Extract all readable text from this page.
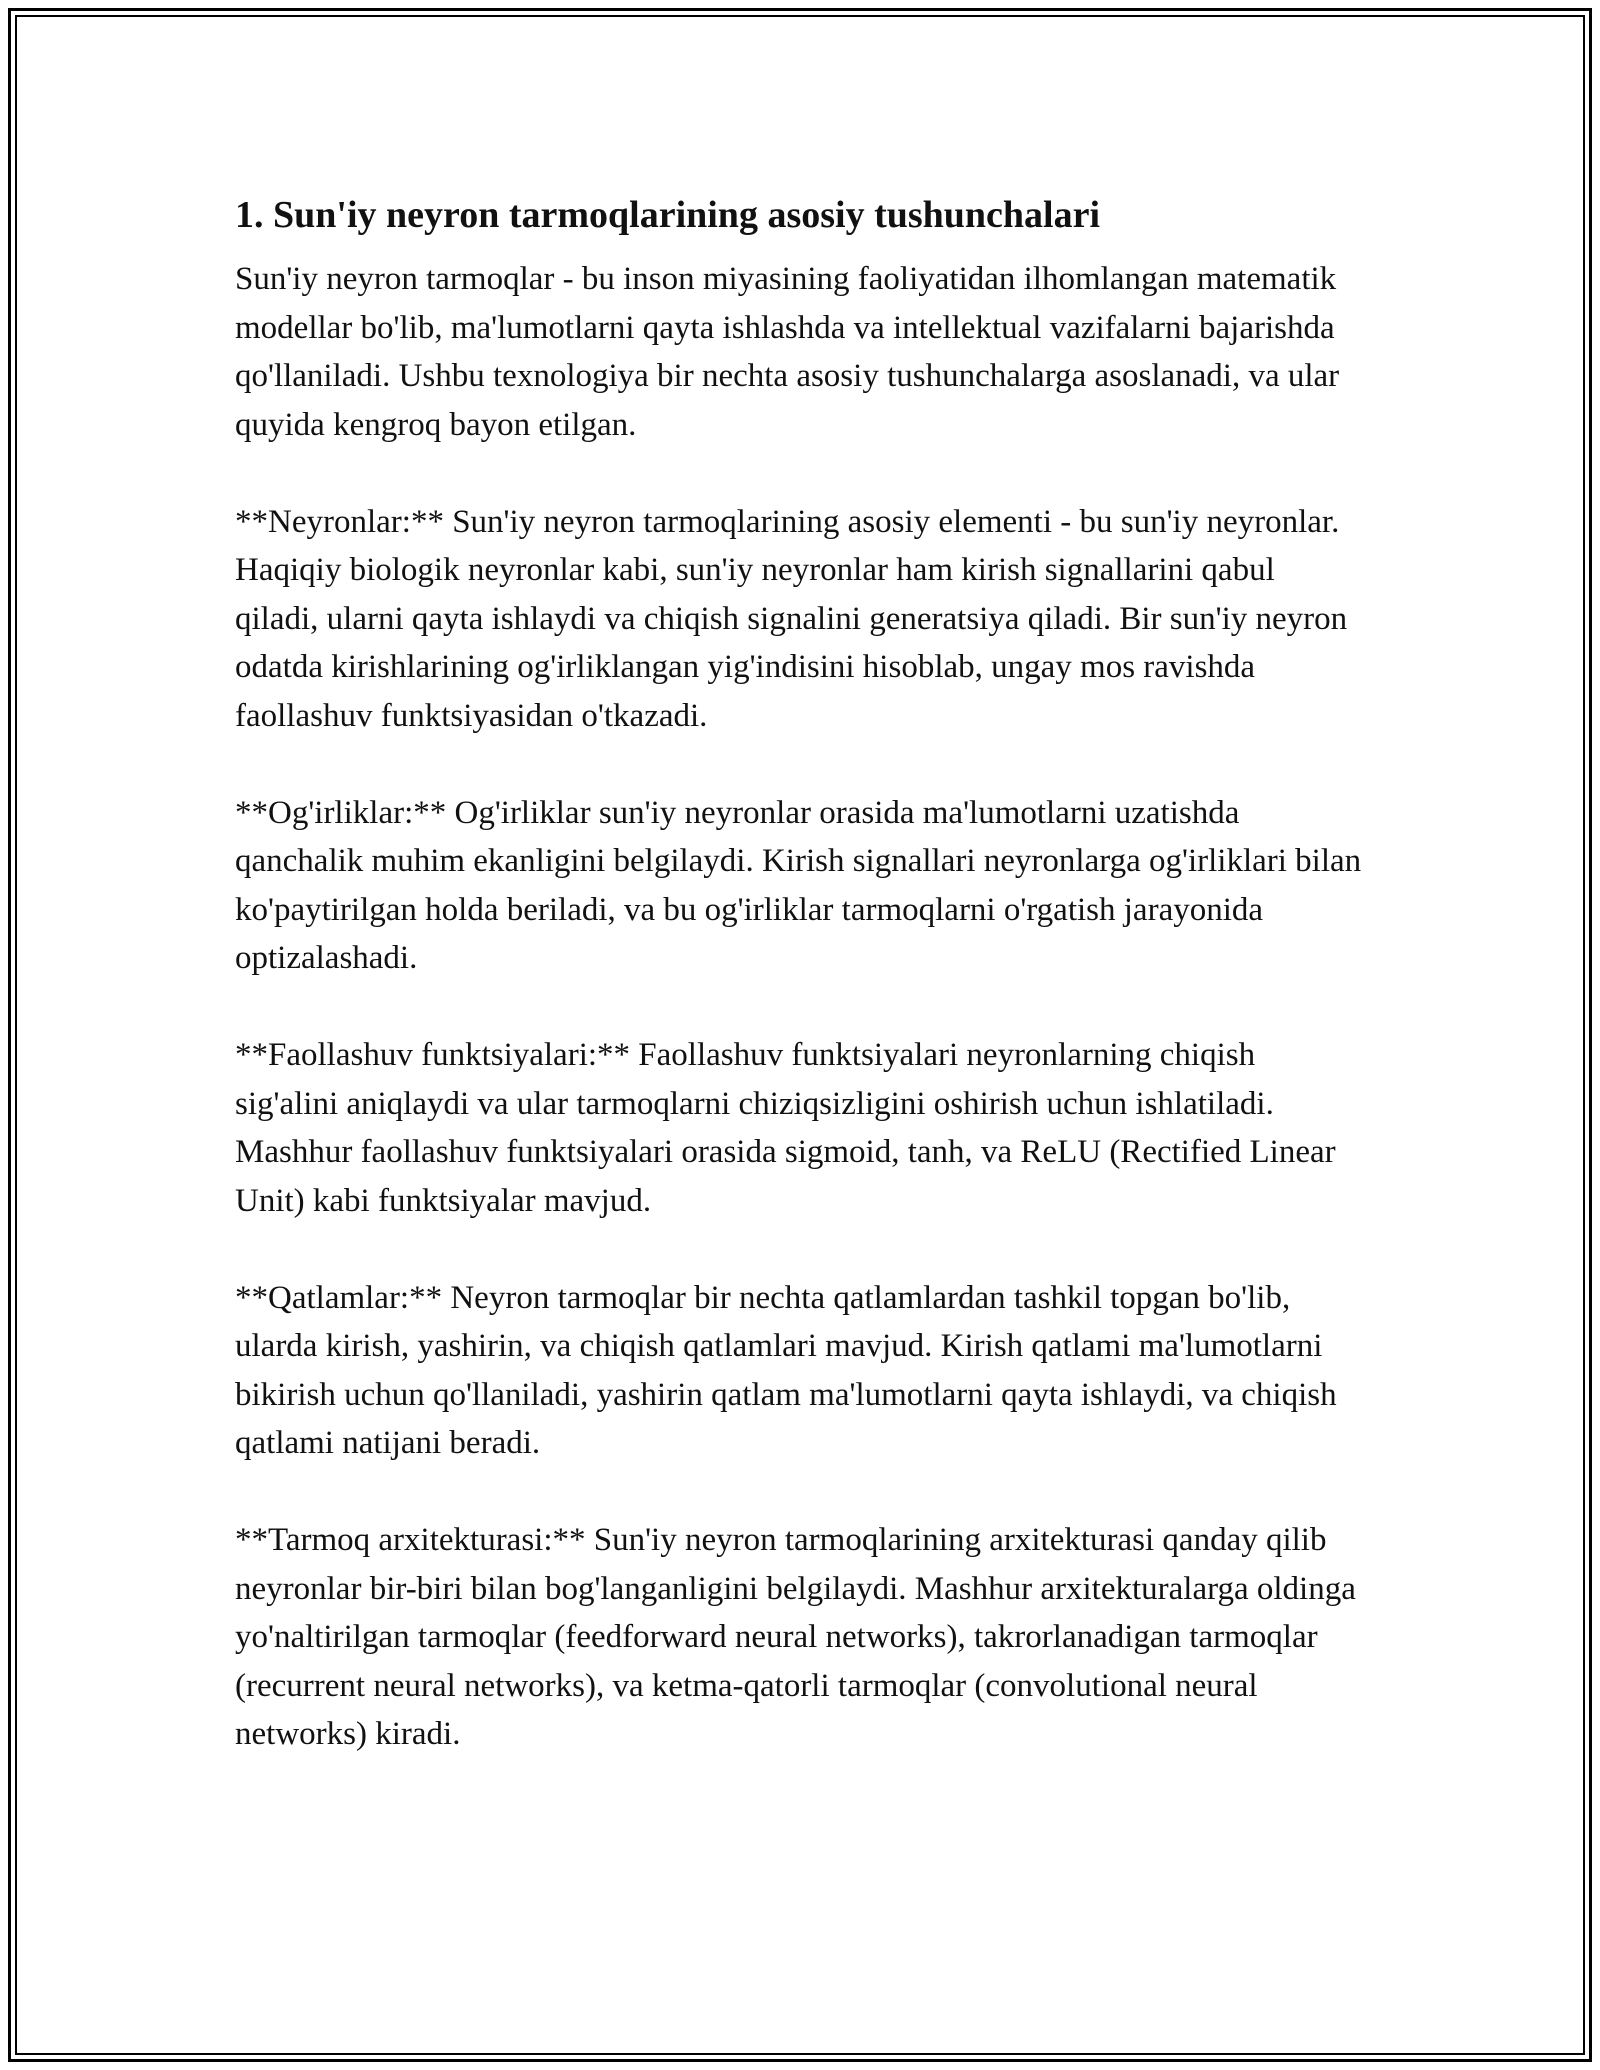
1. Sun'iy neyron tarmoqlarining asosiy tushunchalari

Sun'iy neyron tarmoqlar - bu inson miyasining faoliyatidan ilhomlangan matematik modellar bo'lib, ma'lumotlarni qayta ishlashda va intellektual vazifalarni bajarishda qo'llaniladi. Ushbu texnologiya bir nechta asosiy tushunchalarga asoslanadi, va ular quyida kengroq bayon etilgan.

**Neyronlar:** Sun'iy neyron tarmoqlarining asosiy elementi - bu sun'iy neyronlar. Haqiqiy biologik neyronlar kabi, sun'iy neyronlar ham kirish signallarini qabul qiladi, ularni qayta ishlaydi va chiqish signalini generatsiya qiladi. Bir sun'iy neyron odatda kirishlarining og'irliklangan yig'indisini hisoblab, ungay mos ravishda faollashuv funktsiyasidan o'tkazadi.

**Og'irliklar:** Og'irliklar sun'iy neyronlar orasida ma'lumotlarni uzatishda qanchalik muhim ekanligini belgilaydi. Kirish signallari neyronlarga og'irliklari bilan ko'paytirilgan holda beriladi, va bu og'irliklar tarmoqlarni o'rgatish jarayonida optizalashadi.

**Faollashuv funktsiyalari:** Faollashuv funktsiyalari neyronlarning chiqish sig'alini aniqlaydi va ular tarmoqlarni chiziqsizligini oshirish uchun ishlatiladi. Mashhur faollashuv funktsiyalari orasida sigmoid, tanh, va ReLU (Rectified Linear Unit) kabi funktsiyalar mavjud.

**Qatlamlar:** Neyron tarmoqlar bir nechta qatlamlardan tashkil topgan bo'lib, ularda kirish, yashirin, va chiqish qatlamlari mavjud. Kirish qatlami ma'lumotlarni bikirish uchun qo'llaniladi, yashirin qatlam ma'lumotlarni qayta ishlaydi, va chiqish qatlami natijani beradi.

**Tarmoq arxitekturasi:** Sun'iy neyron tarmoqlarining arxitekturasi qanday qilib neyronlar bir-biri bilan bog'langanligini belgilaydi. Mashhur arxitekturalarga oldinga yo'naltirilgan tarmoqlar (feedforward neural networks), takrorlanadigan tarmoqlar (recurrent neural networks), va ketma-qatorli tarmoqlar (convolutional neural networks) kiradi.
